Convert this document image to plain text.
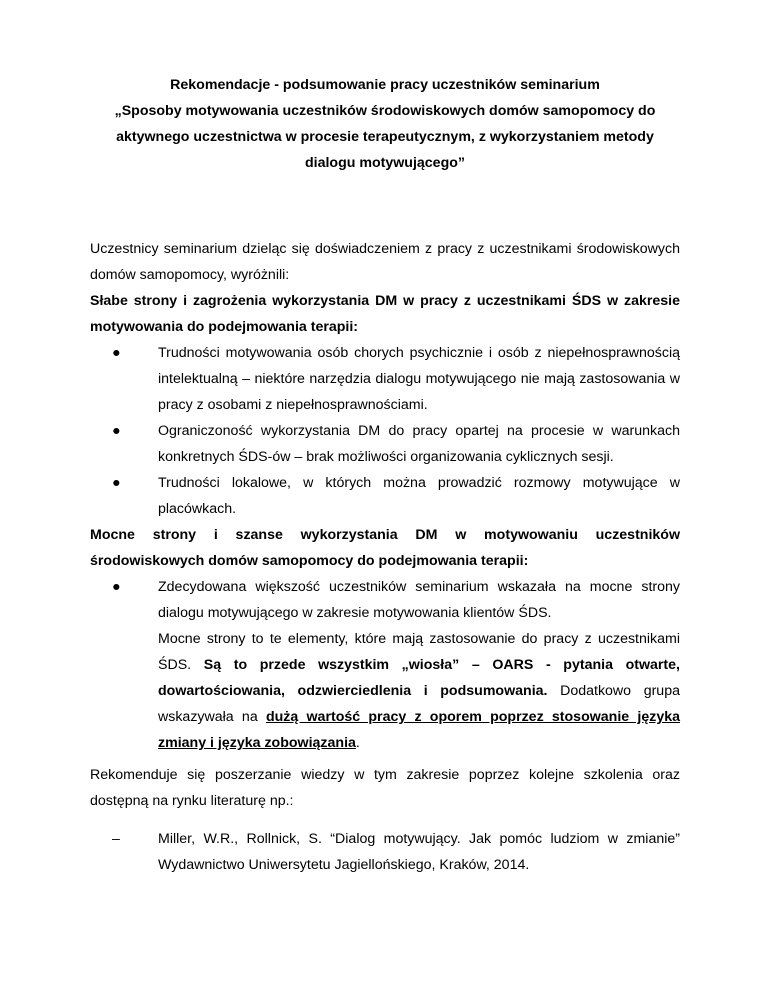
Rekomendacje - podsumowanie pracy uczestników seminarium

„Sposoby motywowania uczestników środowiskowych domów samopomocy do aktywnego uczestnictwa w procesie terapeutycznym, z wykorzystaniem metody dialogu motywującego”

Uczestnicy seminarium dzieląc się doświadczeniem z pracy z uczestnikami środowiskowych domów samopomocy, wyróżnili:

Słabe strony i zagrożenia wykorzystania DM w pracy z uczestnikami ŚDS w zakresie motywowania do podejmowania terapii:

●	Trudności motywowania osób chorych psychicznie i osób z niepełnosprawnością intelektualną – niektóre narzędzia dialogu motywującego nie mają zastosowania w pracy z osobami z niepełnosprawnościami.
●	Ograniczoność wykorzystania DM do pracy opartej na procesie w warunkach konkretnych ŚDS-ów – brak możliwości organizowania cyklicznych sesji.
●	Trudności lokalowe, w których można prowadzić rozmowy motywujące w placówkach.

Mocne strony i szanse wykorzystania DM w motywowaniu uczestników środowiskowych domów samopomocy do podejmowania terapii:

●	Zdecydowana większość uczestników seminarium wskazała na mocne strony dialogu motywującego w zakresie motywowania klientów ŚDS.

Mocne strony to te elementy, które mają zastosowanie do pracy z uczestnikami ŚDS. Są to przede wszystkim „wiosła” – OARS - pytania otwarte, dowartościowania, odzwierciedlenia i podsumowania. Dodatkowo grupa wskazywała na dużą wartość pracy z oporem poprzez stosowanie języka zmiany i języka zobowiązania.

Rekomenduje się poszerzanie wiedzy w tym zakresie poprzez kolejne szkolenia oraz dostępną na rynku literaturę np.:

–	Miller, W.R., Rollnick, S. “Dialog motywujący. Jak pomóc ludziom w zmianie” Wydawnictwo Uniwersytetu Jagiellońskiego, Kraków, 2014.
